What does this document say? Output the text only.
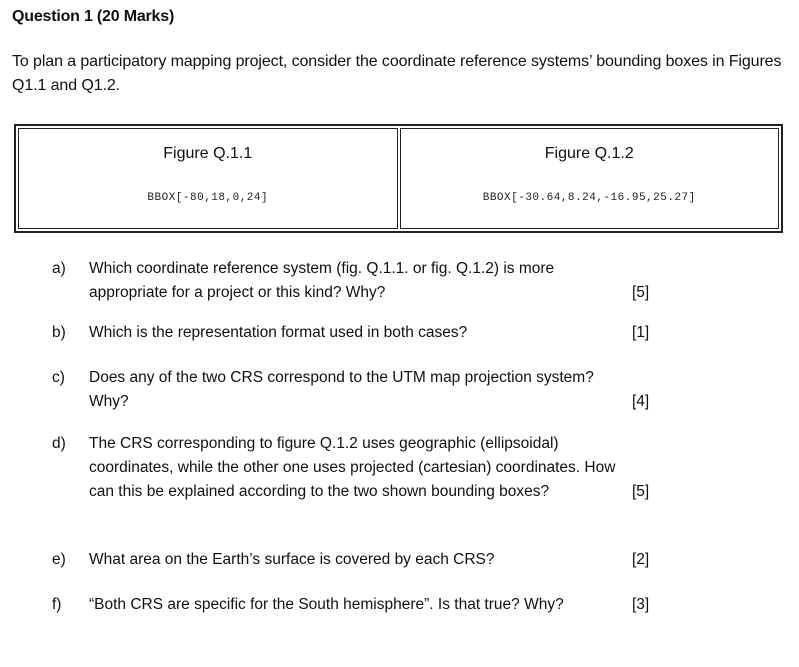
Question 1 (20 Marks)
To plan a participatory mapping project, consider the coordinate reference systems’ bounding boxes in Figures Q1.1 and Q1.2.
Figure Q.1.1
BBOX[-80,18,0,24]
Figure Q.1.2
BBOX[-30.64,8.24,-16.95,25.27]
a)	Which coordinate reference system (fig. Q.1.1. or fig. Q.1.2) is more appropriate for a project or this kind? Why?	[5]
b)	Which is the representation format used in both cases?	[1]
c)	Does any of the two CRS correspond to the UTM map projection system? Why?	[4]
d)	The CRS corresponding to figure Q.1.2 uses geographic (ellipsoidal) coordinates, while the other one uses projected (cartesian) coordinates. How can this be explained according to the two shown bounding boxes?	[5]
e)	What area on the Earth’s surface is covered by each CRS?	[2]
f)	“Both CRS are specific for the South hemisphere”. Is that true? Why?	[3]
